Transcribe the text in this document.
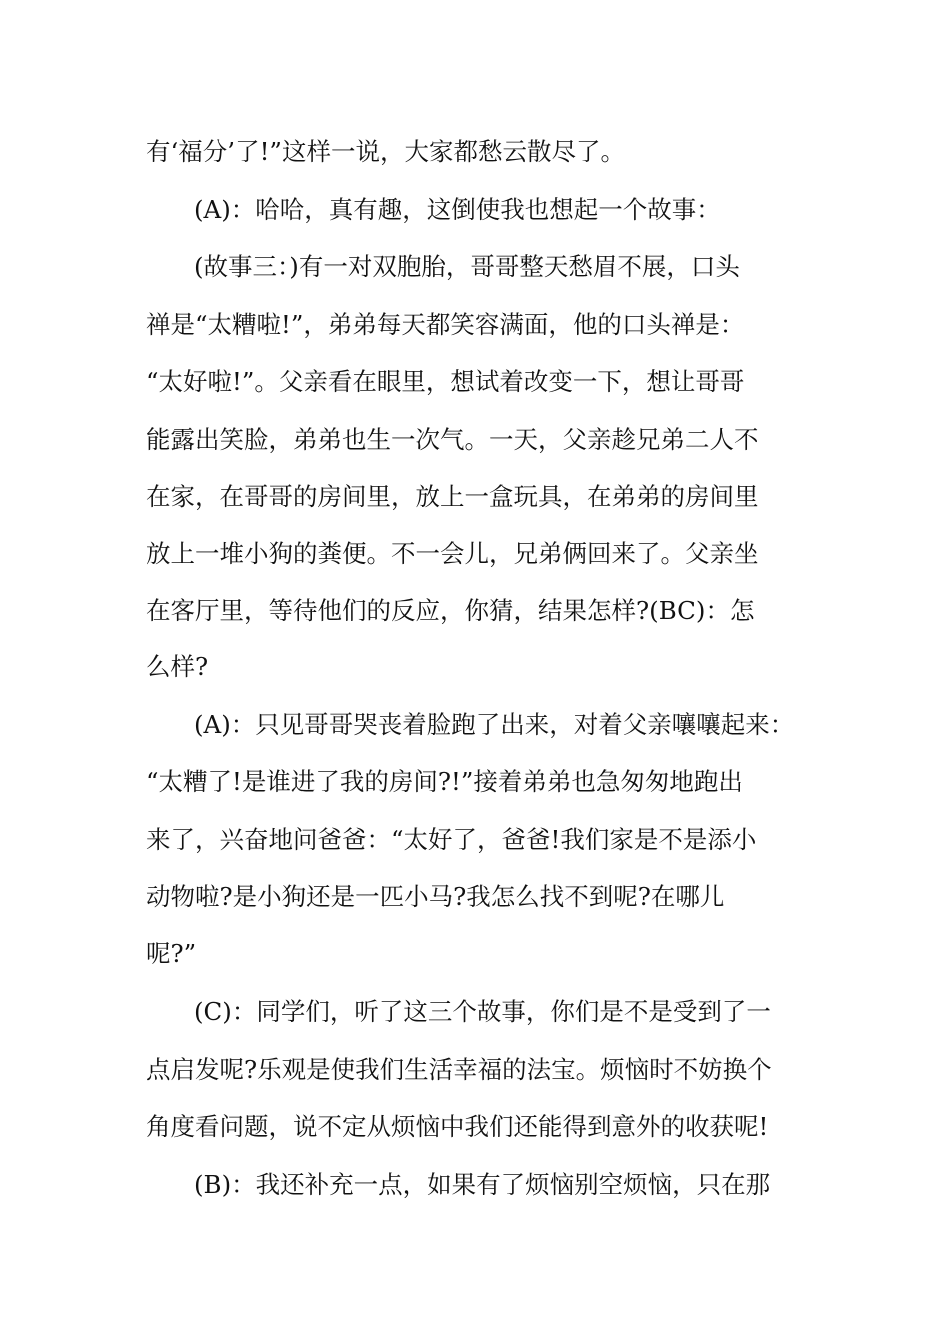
有‘福分’了!”这样一说，大家都愁云散尽了。
(A)：哈哈，真有趣，这倒使我也想起一个故事：
(故事三：)有一对双胞胎，哥哥整天愁眉不展，口头
禅是“太糟啦!”，弟弟每天都笑容满面，他的口头禅是：
“太好啦!”。父亲看在眼里，想试着改变一下，想让哥哥
能露出笑脸，弟弟也生一次气。一天，父亲趁兄弟二人不
在家，在哥哥的房间里，放上一盒玩具，在弟弟的房间里
放上一堆小狗的粪便。不一会儿，兄弟俩回来了。父亲坐
在客厅里，等待他们的反应，你猜，结果怎样?(BC)：怎
么样?
(A)：只见哥哥哭丧着脸跑了出来，对着父亲嚷嚷起来：
“太糟了!是谁进了我的房间?!”接着弟弟也急匆匆地跑出
来了，兴奋地问爸爸：“太好了，爸爸!我们家是不是添小
动物啦?是小狗还是一匹小马?我怎么找不到呢?在哪儿
呢?”
(C)：同学们，听了这三个故事，你们是不是受到了一
点启发呢?乐观是使我们生活幸福的法宝。烦恼时不妨换个
角度看问题，说不定从烦恼中我们还能得到意外的收获呢!
(B)：我还补充一点，如果有了烦恼别空烦恼，只在那
